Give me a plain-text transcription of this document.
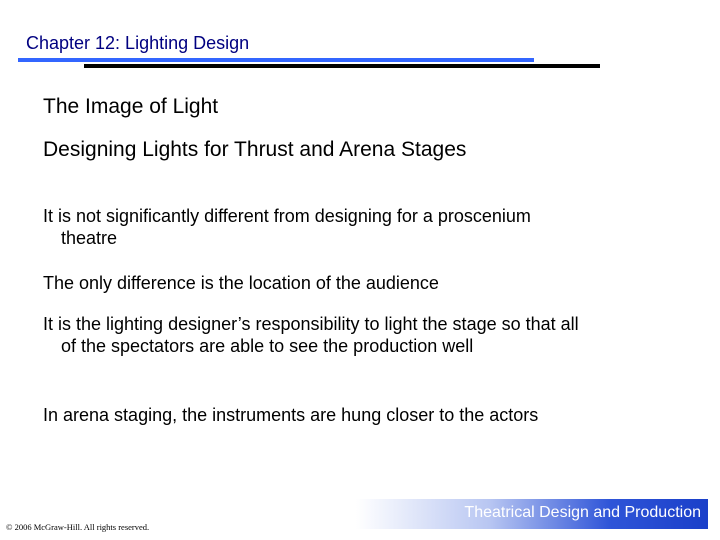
Chapter 12: Lighting Design

The Image of Light

Designing Lights for Thrust and Arena Stages

It is not significantly different from designing for a proscenium theatre

The only difference is the location of the audience

It is the lighting designer’s responsibility to light the stage so that all of the spectators are able to see the production well

In arena staging, the instruments are hung closer to the actors

Theatrical Design and Production
© 2006 McGraw-Hill. All rights reserved.
